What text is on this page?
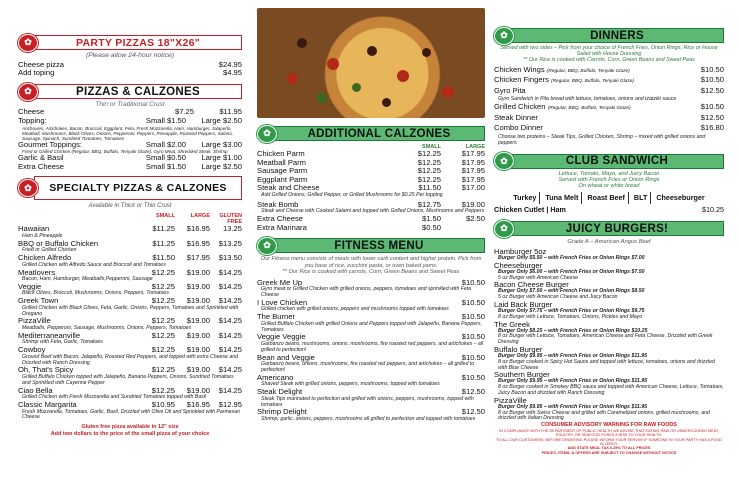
✿	PARTY PIZZAS 18"X26"
(Please allow 24-hour notice)
Cheese pizza	$24.95
Add toping	$4.95
✿	PIZZAS & CALZONES
Thin or Traditional Crust
Cheese	$7.25	$11.95
Topping:	Small $1.50	Large $2.50
Anchovies, Artichokes, Bacon, Broccoli, Eggplant, Feta, Fresh Mozzarella, Ham, Hamburger, Jalapeño, Meatball, Mushrooms, Black Olives, Onions, Pepperoni, Peppers, Pineapple, Roasted Peppers, Salami, Sausage, Spinach, Sundried Tomatoes, Tomatoes
Gourmet Toppings:	Small $2.00	Large $3.00
Fried or Grilled Chicken (Regular, BBQ, Buffalo, Teriyaki Glaze), Gyro Meat, Shredded Steak, Shrimp
Garlic & Basil	Small $0.50	Large $1.00
Extra Cheese	Small $1.50	Large $2.50
✿	SPECIALTY PIZZAS & CALZONES
Available in Thick or Thin Crust
SMALL	LARGE	GLUTEN FREE
Hawaiian	$11.25	$16.95	13.25
Ham & Pineapple
BBQ or Buffalo Chicken	$11.25	$16.95	$13.25
Fried or Grilled Chicken
Chicken Alfredo	$11.50	$17.95	$13.50
Grilled Chicken with Alfredo Sauce and Broccoli and Tomatoes
Meatlovers	$12.25	$19.00	$14.25
Bacon, Ham, Hamburger, Meatballs,Pepperoni, Sausage
Veggie	$12.25	$19.00	$14.25
Black Olives, Broccoli, Mushrooms, Onions, Peppers, Tomatoes
Greek Town	$12.25	$19.00	$14.25
Grilled Chicken with Black Olives, Feta, Garlic, Onions, Peppers, Tomatoes and Sprinkled with Oregano
PizzaVille	$12.25	$19.00	$14.25
Meatballs, Pepperoni, Sausage, Mushrooms, Onions, Peppers, Tomatoes
Mediterraneanville	$12.25	$19.00	$14.25
Shrimp with Feta, Garlic, Tomatoes
Cowboy	$12.25	$19.00	$14.25
Ground Beef with Bacon, Jalapeño, Roasted Red Peppers, and topped with extra Cheese and Drizzled with Ranch Dressing
Oh, That's Spicy	$12.25	$19.00	$14.25
Grilled Buffalo Chicken topped with Jalapeño, Banana Peppers, Onions, Sundried Tomatoes and Sprinkled with Cayenne Pepper
Ciao Bella	$12.25	$19.00	$14.25
Grilled Chicken with Fresh Mozzarella and Sundried Tomatoes topped with Basil
Classic Margarita	$10.95	$16.95	$12.95
Fresh Mozzarella, Tomatoes, Garlic, Basil, Drizzled with Olive Oil and Sprinkled with Parmesan Cheese
Gluten free pizza available in 12" size
Add two dollars to the price of the small pizza of your choice
✿	ADDITIONAL CALZONES
SMALL	LARGE
Chicken Parm	$12.25	$17.95
Meatball Parm	$12.25	$17.95
Sausage Parm	$12.25	$17.95
Eggplant Parm	$12.25	$17.95
Steak and Cheese	$11.50	$17.00
Add Grilled Onions, Grilled Pepper, or Grilled Mushrooms for $0.25 Per topping
Steak Bomb	$12.75	$19.00
Steak and Cheese with Cooked Salami and topped with Grilled Onions, Mushrooms and Peppers
Extra Cheese	$1.50	$2.50
Extra Marinara	$0.50
✿	FITNESS MENU
Our Fitness menu consists of meals with lower carb content and higher protein. Pick from you base of rice, zucchini pasta, or oven baked yams.
** Our Rice is cooked with carrots, Corn, Green Beans and Sweet Peas
Greek Me Up	$10.50
Gyro meat or Grilled Chicken with grilled onions, peppers, tomatoes and sprinkled with Feta Cheese
I Love Chicken	$10.50
Grilled chicken with grilled onions, peppers and mushrooms topped with tomatoes
The Burner	$10.50
Grilled Buffalo Chicken with grilled Onions and Peppers topped with Jalapeño, Banana Peppers, Tomatoes
Veggie Veggie	$10.50
Garbanzo beans, mushrooms, onions, mushrooms, fire roasted red peppers, and artichokes – all grilled to perfection!
Bean and Veggie	$10.50
Garbanzo beans, onions, mushrooms, fire roasted red peppers, and artichokes – all grilled to perfection!
Americano	$10.50
Shaved Steak with grilled onions, peppers, mushrooms, topped with tomatoes
Steak Delight	$12.50
Steak Tips marinated to perfection and grilled with onions, peppers, mushrooms, topped with tomatoes
Shrimp Delight	$12.50
Shrimp, garlic, onions, peppers, mushrooms all grilled to perfection and topped with tomatoes
✿	DINNERS
Served with two sides – Pick from your choice of French Fries, Onion Rings, Rice or House Salad with House Dressing
** Our Rice is cooked with Carrots, Corn, Green Beans and Sweet Peas
Chicken Wings (Regular, BBQ, Buffalo, Teriyaki Glaze)	$10.50
Chicken Fingers (Regular, BBQ, Buffalo, Teriyaki Glaze)	$10.50
Gyro Pita	$12.50
Gyro Sandwich in Pita bread with lettuce, tomatoes, onions and tzatziki sauce
Grilled Chicken (Regular, BBQ, Buffalo, Teriyaki Glaze)	$10.50
Steak Dinner	$12.50
Combo Dinner	$16.80
Choose two proteins – Steak Tips, Grilled Chicken, Shrimp – mixed with grilled onions and peppers
✿	CLUB SANDWICH
Lettuce, Tomato, Mayo, and Juicy Bacon
Served with French Fries or Onion Rings
On wheat or white bread
Turkey	Tuna Melt	Roast Beef	BLT	Cheeseburger
Chicken Cutlet | Ham	$10.25
✿	JUICY BURGERS!
Grade A – American Angus Beef
Hamburger 5oz
Burger Only $5.50 – with French Fries or Onion Rings $7.00
Cheeseburger
Burger Only $6.00 – with French Fries or Onion Rings $7.50
5 oz Burger with American Cheese
Bacon Cheese Burger
Burger Only $7.00 – with French Fries or Onion Rings $8.50
5 oz Burger with American Cheese and Juicy Bacon
Laid Back Burger
Burger Only $7.75 – with French Fries or Onion Rings $9.75
8 oz Burger with Lettuce, Tomatoes, Onions, Pickles and Mayo
The Greek
Burger Only $8.25 – with French Fries or Onion Rings $10.25
8 oz Burger with Lettuce, Tomatoes, American Cheese and Feta Cheese, Drizzled with Greek Dressing
Buffalo Burger
Burger Only $9.95 – with French Fries or Onion Rings $11.95
8 oz Burger cooked in Spicy Hot Sauce and topped with lettuce, tomatoes, onions and drizzled with Blue Cheese
Southern Burger
Burger Only $9.95 – with French Fries or Onion Rings $11.95
8 oz Burger cooked in Smokey BBQ sauce and topped with American Cheese, Lettuce, Tomatoes, Juicy Bacon and drizzled with Ranch Dressing
PizzaVille
Burger Only $9.95 – with French Fries or Onion Rings $11.95
8 oz Burger with Swiss Cheese and grilled with Caramelized onions, grilled mushrooms, and drizzled with Italian Dressing
CONSUMER ADVISORY WARNING FOR RAW FOODS
IN COMPLIANCE WITH THE DEPARTMENT OF PUBLIC HEALTH WE ADVISE THAT EATING RAW OR UNDERCOOKED MEAT, POULTRY, OR SEAFOOD POSES A RISK TO YOUR HEALTH.
TO ALL OUR CUSTOMERS: BEFORE ORDERING PLEASE INFORM YOUR SERVER IF SOMEONE IN YOUR PARTY HAS A FOOD ALLERGY.
ADD STATE MEAL TAX 6.25% TO ALL PRICES
PRICES, ITEMS, & OFFERS ARE SUBJECT TO CHANGE WITHOUT NOTICE
